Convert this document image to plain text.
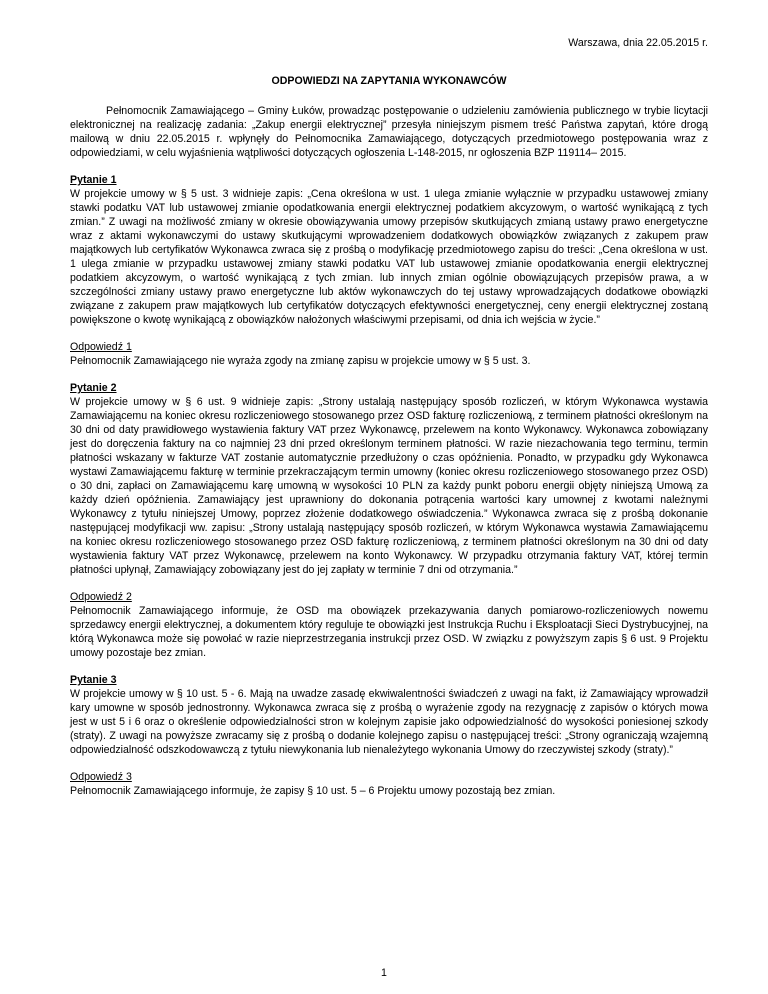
Warszawa, dnia 22.05.2015 r.

ODPOWIEDZI NA ZAPYTANIA WYKONAWCÓW

Pełnomocnik Zamawiającego – Gminy Łuków, prowadząc postępowanie o udzieleniu zamówienia publicznego w trybie licytacji elektronicznej na realizację zadania: „Zakup energii elektrycznej” przesyła niniejszym pismem treść Państwa zapytań, które drogą mailową w dniu 22.05.2015 r. wpłynęły do Pełnomocnika Zamawiającego, dotyczących przedmiotowego postępowania wraz z odpowiedziami, w celu wyjaśnienia wątpliwości dotyczących ogłoszenia L-148-2015, nr ogłoszenia BZP 119114– 2015.

Pytanie 1

W projekcie umowy w § 5 ust. 3 widnieje zapis: „Cena określona w ust. 1 ulega zmianie wyłącznie w przypadku ustawowej zmiany stawki podatku VAT lub ustawowej zmianie opodatkowania energii elektrycznej podatkiem akcyzowym, o wartość wynikającą z tych zmian.” Z uwagi na możliwość zmiany w okresie obowiązywania umowy przepisów skutkujących zmianą ustawy prawo energetyczne wraz z aktami wykonawczymi do ustawy skutkującymi wprowadzeniem dodatkowych obowiązków związanych z zakupem praw majątkowych lub certyfikatów Wykonawca zwraca się z prośbą o modyfikację przedmiotowego zapisu do treści: „Cena określona w ust. 1 ulega zmianie w przypadku ustawowej zmiany stawki podatku VAT lub ustawowej zmianie opodatkowania energii elektrycznej podatkiem akcyzowym, o wartość wynikającą z tych zmian. lub innych zmian ogólnie obowiązujących przepisów prawa, a w szczególności zmiany ustawy prawo energetyczne lub aktów wykonawczych do tej ustawy wprowadzających dodatkowe obowiązki związane z zakupem praw majątkowych lub certyfikatów dotyczących efektywności energetycznej, ceny energii elektrycznej zostaną powiększone o kwotę wynikającą z obowiązków nałożonych właściwymi przepisami, od dnia ich wejścia w życie.”

Odpowiedź 1

Pełnomocnik Zamawiającego nie wyraża zgody na zmianę zapisu w projekcie umowy w § 5 ust. 3.

Pytanie 2

W projekcie umowy w § 6 ust. 9 widnieje zapis: „Strony ustalają następujący sposób rozliczeń, w którym Wykonawca wystawia Zamawiającemu na koniec okresu rozliczeniowego stosowanego przez OSD fakturę rozliczeniową, z terminem płatności określonym na 30 dni od daty prawidłowego wystawienia faktury VAT przez Wykonawcę, przelewem na konto Wykonawcy. Wykonawca zobowiązany jest do doręczenia faktury na co najmniej 23 dni przed określonym terminem płatności. W razie niezachowania tego terminu, termin płatności wskazany w fakturze VAT zostanie automatycznie przedłużony o czas opóźnienia. Ponadto, w przypadku gdy Wykonawca wystawi Zamawiającemu fakturę w terminie przekraczającym termin umowny (koniec okresu rozliczeniowego stosowanego przez OSD) o 30 dni, zapłaci on Zamawiającemu karę umowną w wysokości 10 PLN za każdy punkt poboru energii objęty niniejszą Umową za każdy dzień opóźnienia. Zamawiający jest uprawniony do dokonania potrącenia wartości kary umownej z kwotami należnymi Wykonawcy z tytułu niniejszej Umowy, poprzez złożenie dodatkowego oświadczenia.” Wykonawca zwraca się z prośbą dokonanie następującej modyfikacji ww. zapisu: „Strony ustalają następujący sposób rozliczeń, w którym Wykonawca wystawia Zamawiającemu na koniec okresu rozliczeniowego stosowanego przez OSD fakturę rozliczeniową, z terminem płatności określonym na 30 dni od daty wystawienia faktury VAT przez Wykonawcę, przelewem na konto Wykonawcy. W przypadku otrzymania faktury VAT, której termin płatności upłynął, Zamawiający zobowiązany jest do jej zapłaty w terminie 7 dni od otrzymania.”

Odpowiedź 2

Pełnomocnik Zamawiającego informuje, że OSD ma obowiązek przekazywania danych pomiarowo-rozliczeniowych nowemu sprzedawcy energii elektrycznej, a dokumentem który reguluje te obowiązki jest Instrukcja Ruchu i Eksploatacji Sieci Dystrybucyjnej, na którą Wykonawca może się powołać w razie nieprzestrzegania instrukcji przez OSD. W związku z powyższym zapis § 6 ust. 9 Projektu umowy pozostaje bez zmian.

Pytanie 3

W projekcie umowy w § 10 ust. 5 - 6. Mają na uwadze zasadę ekwiwalentności świadczeń z uwagi na fakt, iż Zamawiający wprowadził kary umowne w sposób jednostronny. Wykonawca zwraca się z prośbą o wyrażenie zgody na rezygnację z zapisów o których mowa jest w ust 5 i 6 oraz o określenie odpowiedzialności stron w kolejnym zapisie jako odpowiedzialność do wysokości poniesionej szkody (straty). Z uwagi na powyższe zwracamy się z prośbą o dodanie kolejnego zapisu o następującej treści: „Strony ograniczają wzajemną odpowiedzialność odszkodowawczą z tytułu niewykonania lub nienależytego wykonania Umowy do rzeczywistej szkody (straty).”

Odpowiedź 3

Pełnomocnik Zamawiającego informuje, że zapisy § 10 ust. 5 – 6 Projektu umowy pozostają bez zmian.

1
